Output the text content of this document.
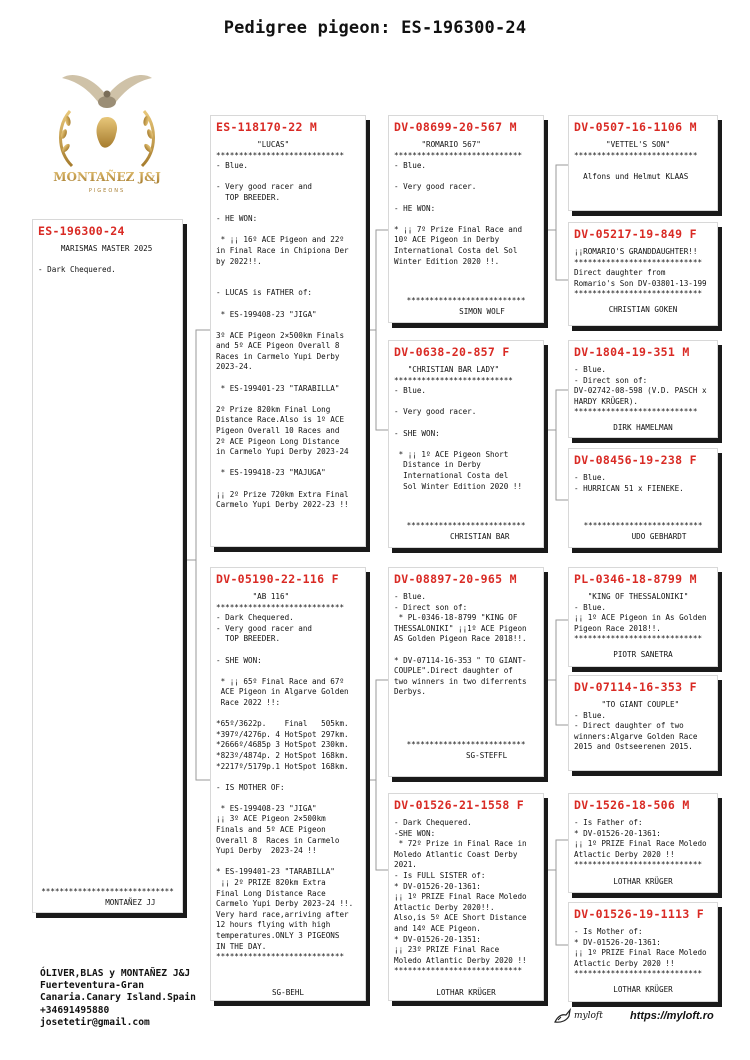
Pedigree pigeon: ES-196300-24
MONTAÑEZ J&J
PIGEONS
ES-196300-24
MARISMAS MASTER 2025

- Dark Chequered.
*****************************
MONTAÑEZ JJ
ES-118170-22 M
"LUCAS"
****************************
- Blue.

- Very good racer and
TOP BREEDER.

- HE WON:

* ¡¡ 16º ACE Pigeon and 22º
in Final Race in Chipiona Der
by 2022!!.

- LUCAS is FATHER of:

* ES-199408-23 "JIGA"

3º ACE Pigeon 2×500km Finals
and 5º ACE Pigeon Overall 8
Races in Carmelo Yupi Derby
2023-24.

* ES-199401-23 "TARABILLA"

2º Prize 820km Final Long
Distance Race.Also is 1º ACE
Pigeon Overall 10 Races and
2º ACE Pigeon Long Distance
in Carmelo Yupi Derby 2023-24

* ES-199418-23 "MAJUGA"

¡¡ 2º Prize 720km Extra Final
Carmelo Yupi Derby 2022-23 !!
DV-05190-22-116 F
"AB 116"
****************************
- Dark Chequered.
- Very good racer and
TOP BREEDER.

- SHE WON:

* ¡¡ 65º Final Race and 67º
ACE Pigeon in Algarve Golden
Race 2022 !!:

*65º/3622p.    Final   505km.
*397º/4276p. 4 HotSpot 297km.
*2666º/4685p 3 HotSpot 230km.
*823º/4874p. 2 HotSpot 168km.
*2217º/5179p.1 HotSpot 168km.

- IS MOTHER OF:

* ES-199408-23 "JIGA"
¡¡ 3º ACE Pigeon 2×500km
Finals and 5º ACE Pigeon
Overall 8  Races in Carmelo
Yupi Derby  2023-24 !!

* ES-199401-23 "TARABILLA"
¡¡ 2º PRIZE 820km Extra
Final Long Distance Race
Carmelo Yupi Derby 2023-24 !!.
Very hard race,arriving after
12 hours flying with high
temperatures.ONLY 3 PIGEONS
IN THE DAY.
****************************
SG-BEHL
DV-08699-20-567 M
"ROMARIO 567"
****************************
- Blue.

- Very good racer.

- HE WON:

* ¡¡ 7º Prize Final Race and
10º ACE Pigeon in Derby
International Costa del Sol
Winter Edition 2020 !!.
**************************
SIMON WOLF
DV-0638-20-857 F
"CHRISTIAN BAR LADY"
**************************
- Blue.

- Very good racer.

- SHE WON:

* ¡¡ 1º ACE Pigeon Short
Distance in Derby
International Costa del
Sol Winter Edition 2020 !!
**************************
CHRISTIAN BAR
DV-08897-20-965 M
- Blue.
- Direct son of:
* PL-0346-18-8799 "KING OF
THESSALONIKI" ¡¡1º ACE Pigeon
AS Golden Pigeon Race 2018!!.

* DV-07114-16-353 " TO GIANT-
COUPLE".Direct daughter of
two winners in two diferrents
Derbys.
**************************
SG-STEFFL
DV-01526-21-1558 F
- Dark Chequered.
-SHE WON:
* 72º Prize in Final Race in
Moledo Atlantic Coast Derby
2021.
- Is FULL SISTER of:
* DV-01526-20-1361:
¡¡ 1º PRIZE Final Race Moledo
Atlactic Derby 2020!!.
Also,is 5º ACE Short Distance
and 14º ACE Pigeon.
* DV-01526-20-1351:
¡¡ 23º PRIZE Final Race
Moledo Atlantic Derby 2020 !!
****************************
LOTHAR KRÜGER
DV-0507-16-1106 M
"VETTEL'S SON"
***************************

Alfons und Helmut KLAAS
DV-05217-19-849 F
¡¡ROMARIO'S GRANDDAUGHTER!!
****************************
Direct daughter from
Romario's Son DV-03801-13-199
****************************
CHRISTIAN GOKEN
DV-1804-19-351 M
- Blue.
- Direct son of:
DV-02742-08-598 (V.D. PASCH x
HARDY KRÜGER).
***************************
DIRK HAMELMAN
DV-08456-19-238 F
- Blue.
- HURRICAN 51 x FIENEKE.
**************************
UDO GEBHARDT
PL-0346-18-8799 M
"KING OF THESSALONIKI"
- Blue.
¡¡ 1º ACE Pigeon in As Golden
Pigeon Race 2018!!.
****************************
PIOTR SANETRA
DV-07114-16-353 F
"TO GIANT COUPLE"
- Blue.
- Direct daughter of two
winners:Algarve Golden Race
2015 and Ostseerenen 2015.
DV-1526-18-506 M
- Is Father of:
* DV-01526-20-1361:
¡¡ 1º PRIZE Final Race Moledo
Atlactic Derby 2020 !!
****************************
LOTHAR KRÜGER
DV-01526-19-1113 F
- Is Mother of:
* DV-01526-20-1361:
¡¡ 1º PRIZE Final Race Moledo
Atlactic Derby 2020 !!
****************************
LOTHAR KRÜGER
ÓLIVER,BLAS y MONTAÑEZ J&J
Fuerteventura-Gran
Canaria.Canary Island.Spain
+34691495880
josetetir@gmail.com
myloft https://myloft.ro
